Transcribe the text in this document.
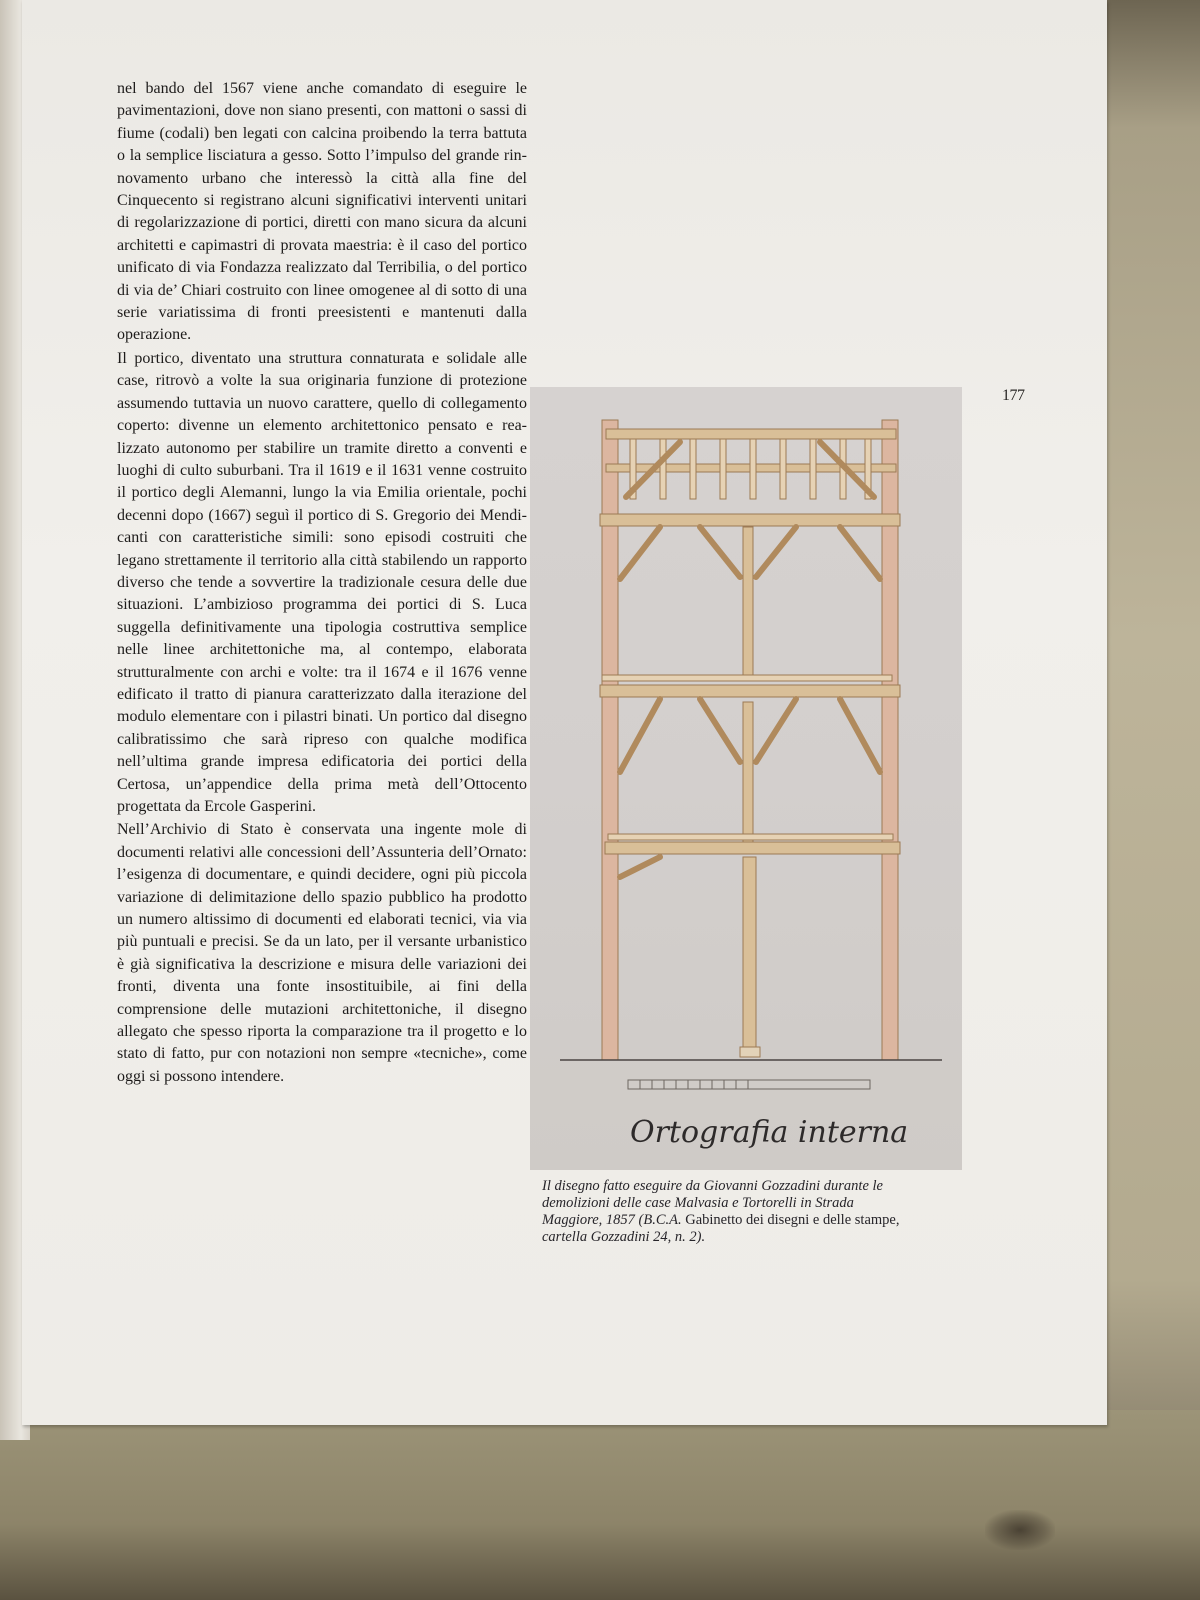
nel bando del 1567 viene anche comandato di eseguire le pavimentazioni, dove non siano presenti, con mattoni o sassi di fiume (codali) ben legati con calcina proibendo la terra battuta o la semplice lisciatura a gesso. Sotto l’impulso del grande rinnovamento urbano che interessò la città alla fine del Cinquecento si registrano alcuni significativi interventi unitari di regolarizzazione di portici, diretti con mano sicura da alcuni architetti e capimastri di provata maestria: è il caso del portico unificato di via Fondazza realizzato dal Terribilia, o del portico di via de’ Chiari costruito con linee omogenee al di sotto di una serie variatissima di fronti preesistenti e mantenuti dalla operazione.

Il portico, diventato una struttura connaturata e solidale alle case, ritrovò a volte la sua originaria funzione di protezione assumendo tuttavia un nuovo carattere, quello di collegamento coperto: divenne un elemento architettonico pensato e realizzato autonomo per stabilire un tramite diretto a conventi e luoghi di culto suburbani. Tra il 1619 e il 1631 venne costruito il portico degli Alemanni, lungo la via Emilia orientale, pochi decenni dopo (1667) seguì il portico di S. Gregorio dei Mendicanti con caratteristiche simili: sono episodi costruiti che legano strettamente il territorio alla città stabilendo un rapporto diverso che tende a sovvertire la tradizionale cesura delle due situazioni. L’ambizioso programma dei portici di S. Luca suggella definitivamente una tipologia costruttiva semplice nelle linee architettoniche ma, al contempo, elaborata strutturalmente con archi e volte: tra il 1674 e il 1676 venne edificato il tratto di pianura caratterizzato dalla iterazione del modulo elementare con i pilastri binati. Un portico dal disegno calibratissimo che sarà ripreso con qualche modifica nell’ultima grande impresa edificatoria dei portici della Certosa, un’appendice della prima metà dell’Ottocento progettata da Ercole Gasperini.

Nell’Archivio di Stato è conservata una ingente mole di documenti relativi alle concessioni dell’Assunteria dell’Ornato: l’esigenza di documentare, e quindi decidere, ogni più piccola variazione di delimitazione dello spazio pubblico ha prodotto un numero altissimo di documenti ed elaborati tecnici, via via più puntuali e precisi. Se da un lato, per il versante urbanistico è già significativa la descrizione e misura delle variazioni dei fronti, diventa una fonte insostituibile, ai fini della comprensione delle mutazioni architettoniche, il disegno allegato che spesso riporta la comparazione tra il progetto e lo stato di fatto, pur con notazioni non sempre «tecniche», come oggi si possono intendere.

177
Ortografia interna
Il disegno fatto eseguire da Giovanni Gozzadini durante le demolizioni delle case Malvasia e Tortorelli in Strada Maggiore, 1857 (B.C.A. Gabinetto dei disegni e delle stampe, cartella Gozzadini 24, n. 2).
